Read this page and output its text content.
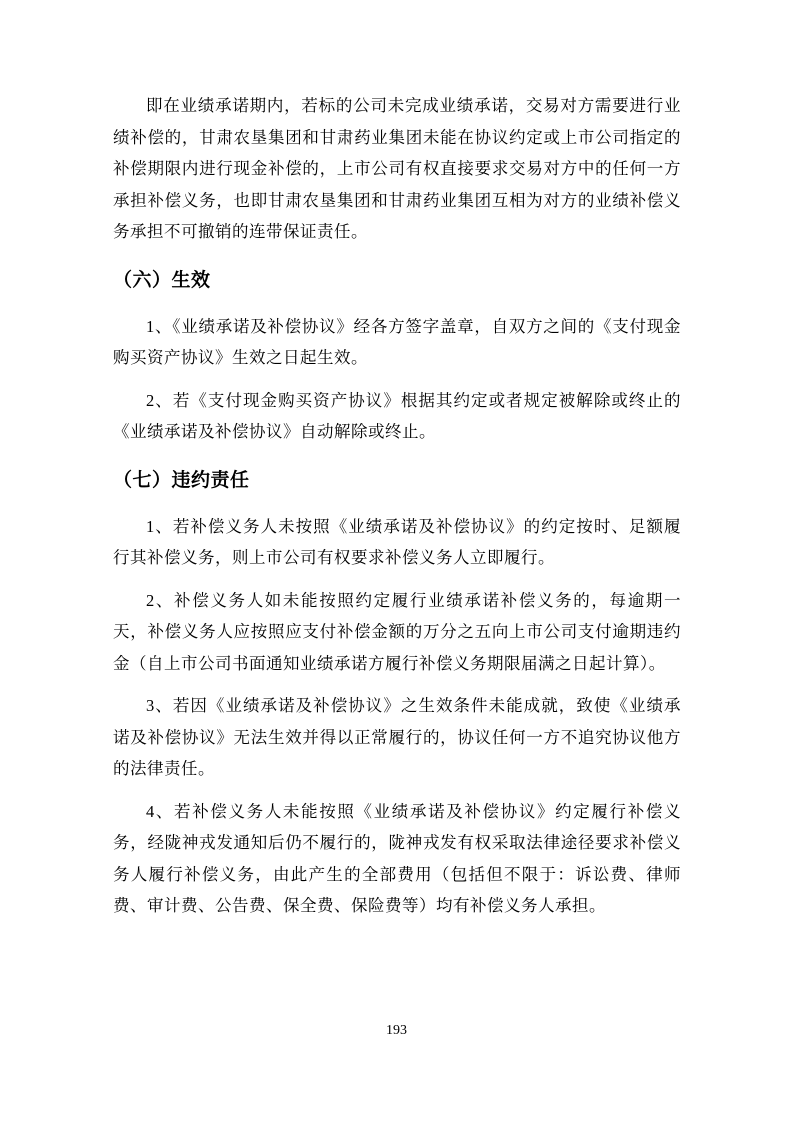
即在业绩承诺期内，若标的公司未完成业绩承诺，交易对方需要进行业绩补偿的，甘肃农垦集团和甘肃药业集团未能在协议约定或上市公司指定的补偿期限内进行现金补偿的，上市公司有权直接要求交易对方中的任何一方承担补偿义务，也即甘肃农垦集团和甘肃药业集团互相为对方的业绩补偿义务承担不可撤销的连带保证责任。

（六）生效

1、《业绩承诺及补偿协议》经各方签字盖章，自双方之间的《支付现金购买资产协议》生效之日起生效。

2、若《支付现金购买资产协议》根据其约定或者规定被解除或终止的《业绩承诺及补偿协议》自动解除或终止。

（七）违约责任

1、若补偿义务人未按照《业绩承诺及补偿协议》的约定按时、足额履行其补偿义务，则上市公司有权要求补偿义务人立即履行。

2、补偿义务人如未能按照约定履行业绩承诺补偿义务的，每逾期一天，补偿义务人应按照应支付补偿金额的万分之五向上市公司支付逾期违约金（自上市公司书面通知业绩承诺方履行补偿义务期限届满之日起计算）。

3、若因《业绩承诺及补偿协议》之生效条件未能成就，致使《业绩承诺及补偿协议》无法生效并得以正常履行的，协议任何一方不追究协议他方的法律责任。

4、若补偿义务人未能按照《业绩承诺及补偿协议》约定履行补偿义务，经陇神戎发通知后仍不履行的，陇神戎发有权采取法律途径要求补偿义务人履行补偿义务，由此产生的全部费用（包括但不限于：诉讼费、律师费、审计费、公告费、保全费、保险费等）均有补偿义务人承担。

193
